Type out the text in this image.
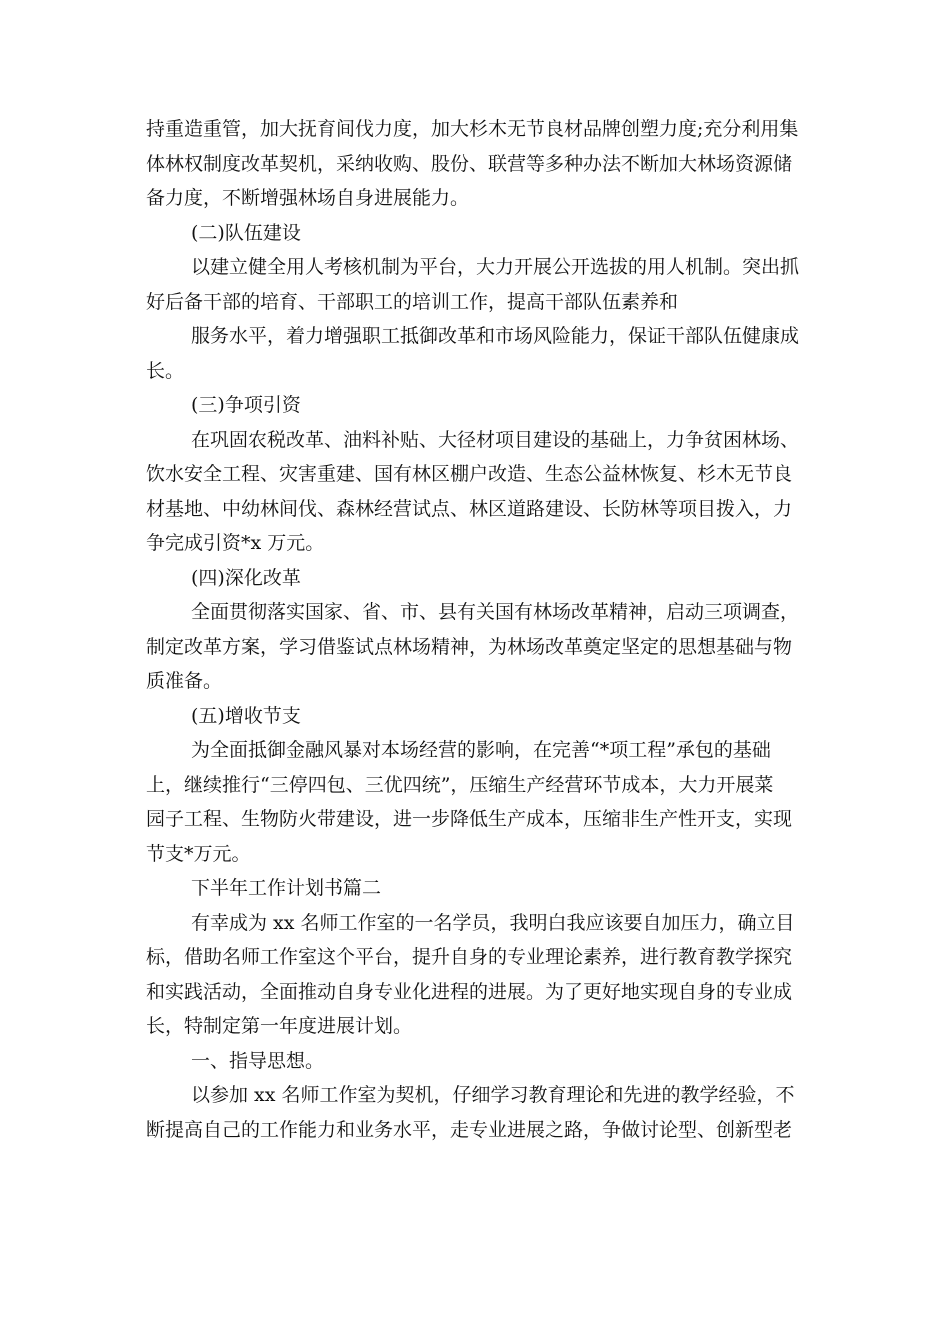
持重造重管，加大抚育间伐力度，加大杉木无节良材品牌创塑力度;充分利用集
体林权制度改革契机，采纳收购、股份、联营等多种办法不断加大林场资源储
备力度，不断增强林场自身进展能力。
(二)队伍建设
以建立健全用人考核机制为平台，大力开展公开选拔的用人机制。突出抓
好后备干部的培育、干部职工的培训工作，提高干部队伍素养和
服务水平，着力增强职工抵御改革和市场风险能力，保证干部队伍健康成
长。
(三)争项引资
在巩固农税改革、油料补贴、大径材项目建设的基础上，力争贫困林场、
饮水安全工程、灾害重建、国有林区棚户改造、生态公益林恢复、杉木无节良
材基地、中幼林间伐、森林经营试点、林区道路建设、长防林等项目拨入，力
争完成引资*x 万元。
(四)深化改革
全面贯彻落实国家、省、市、县有关国有林场改革精神，启动三项调查，
制定改革方案，学习借鉴试点林场精神，为林场改革奠定坚定的思想基础与物
质准备。
(五)增收节支
为全面抵御金融风暴对本场经营的影响，在完善“*项工程”承包的基础
上，继续推行“三停四包、三优四统”，压缩生产经营环节成本，大力开展菜
园子工程、生物防火带建设，进一步降低生产成本，压缩非生产性开支，实现
节支*万元。
下半年工作计划书篇二
有幸成为 xx 名师工作室的一名学员，我明白我应该要自加压力，确立目
标，借助名师工作室这个平台，提升自身的专业理论素养，进行教育教学探究
和实践活动，全面推动自身专业化进程的进展。为了更好地实现自身的专业成
长，特制定第一年度进展计划。
一、指导思想。
以参加 xx 名师工作室为契机，仔细学习教育理论和先进的教学经验，不
断提高自己的工作能力和业务水平，走专业进展之路，争做讨论型、创新型老
